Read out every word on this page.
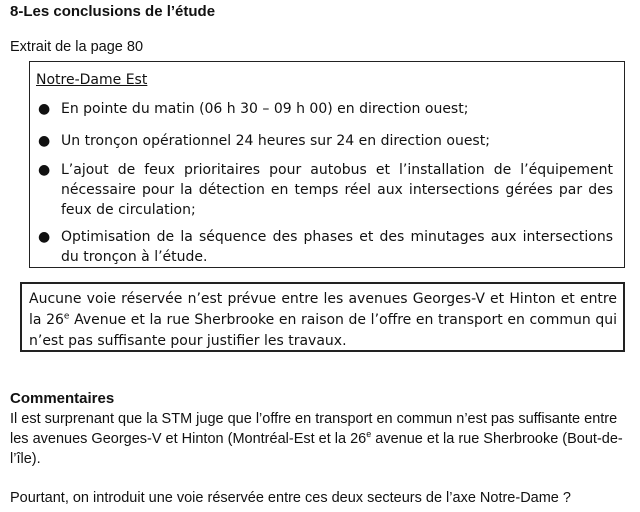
8-Les conclusions de l’étude
Extrait de la page 80
Notre-Dame Est
● En pointe du matin (06 h 30 – 09 h 00) en direction ouest;
● Un tronçon opérationnel 24 heures sur 24 en direction ouest;
● L’ajout de feux prioritaires pour autobus et l’installation de l’équipement nécessaire pour la détection en temps réel aux intersections gérées par des feux de circulation;
● Optimisation de la séquence des phases et des minutages aux intersections du tronçon à l’étude.
Aucune voie réservée n’est prévue entre les avenues Georges-V et Hinton et entre la 26e Avenue et la rue Sherbrooke en raison de l’offre en transport en commun qui n’est pas suffisante pour justifier les travaux.
Commentaires
Il est surprenant que la STM juge que l’offre en transport en commun n’est pas suffisante entre les avenues Georges-V et Hinton (Montréal-Est et la 26e avenue et la rue Sherbrooke (Bout-de-l’île).
Pourtant, on introduit une voie réservée entre ces deux secteurs de l’axe Notre-Dame ?
